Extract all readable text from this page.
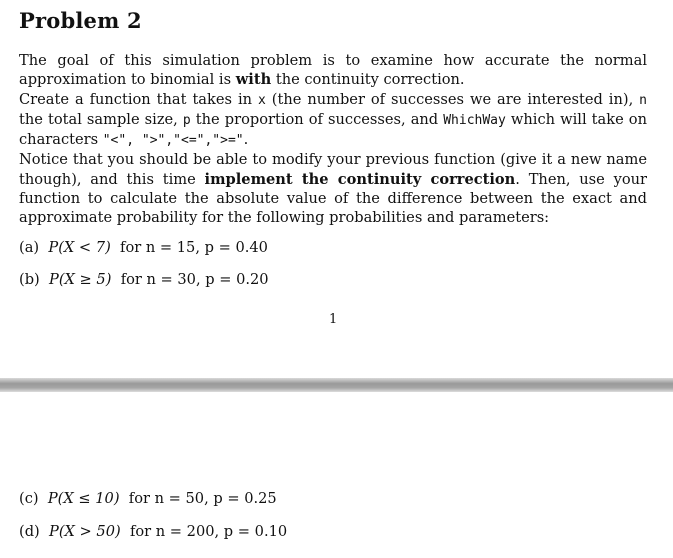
Problem 2

The goal of this simulation problem is to examine how accurate the normal approximation to binomial is with the continuity correction.

Create a function that takes in x (the number of successes we are interested in), n the total sample size, p the proportion of successes, and WhichWay which will take on characters "<", ">","<=",">=".

Notice that you should be able to modify your previous function (give it a new name though), and this time implement the continuity correction. Then, use your function to calculate the absolute value of the difference between the exact and approximate probability for the following probabilities and parameters:

(a) P(X < 7) for n = 15, p = 0.40
(b) P(X ≥ 5) for n = 30, p = 0.20
1
(c) P(X ≤ 10) for n = 50, p = 0.25
(d) P(X > 50) for n = 200, p = 0.10
